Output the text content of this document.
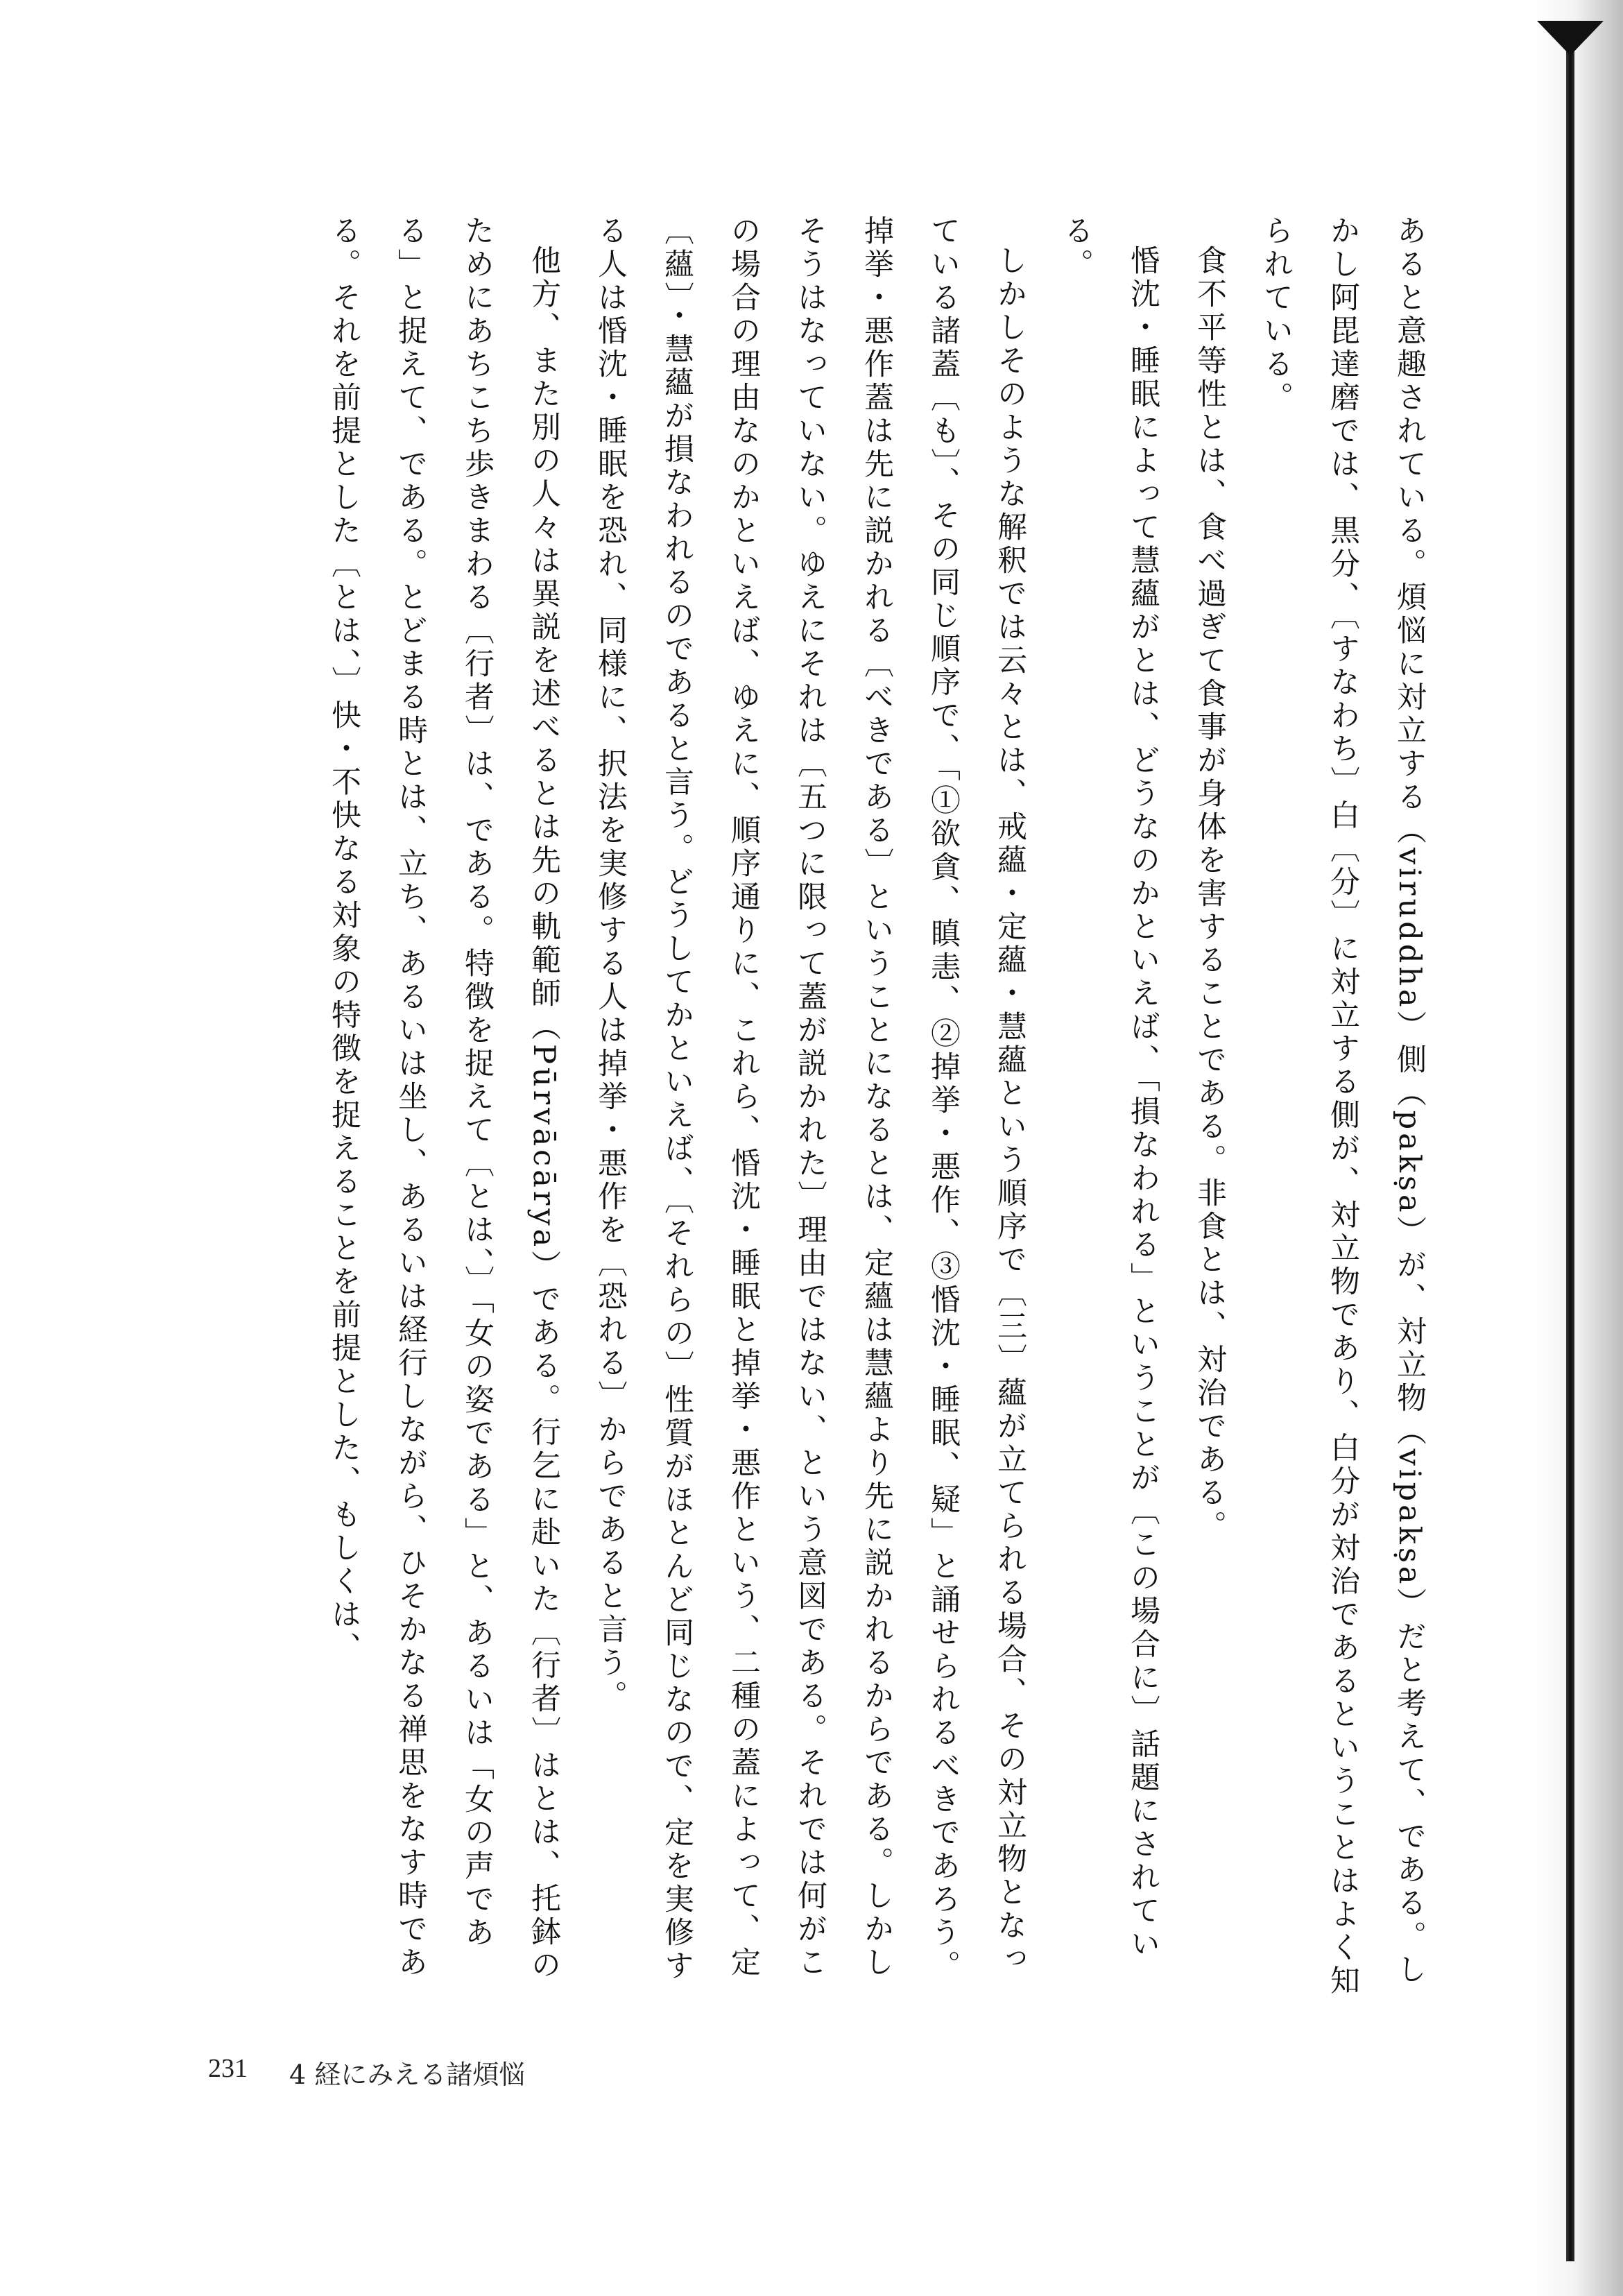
あると意趣されている。煩悩に対立する（viruddha）側（pakṣa）が、対立物（vipakṣa）だと考えて、である。しかし阿毘達磨では、黒分、〔すなわち〕白〔分〕に対立する側が、対立物であり、白分が対治であるということはよく知られている。

食不平等性とは、食べ過ぎて食事が身体を害することである。非食とは、対治である。

惛沈・睡眠によって慧蘊がとは、どうなのかといえば、「損なわれる」ということが〔この場合に〕話題にされている。

しかしそのような解釈では云々とは、戒蘊・定蘊・慧蘊という順序で〔三〕蘊が立てられる場合、その対立物となっている諸蓋〔も〕、その同じ順序で、「①欲貪、瞋恚、②掉挙・悪作、③惛沈・睡眠、疑」と誦せられるべきであろう。掉挙・悪作蓋は先に説かれる〔べきである〕ということになるとは、定蘊は慧蘊より先に説かれるからである。しかしそうはなっていない。ゆえにそれは〔五つに限って蓋が説かれた〕理由ではない、という意図である。それでは何がこの場合の理由なのかといえば、ゆえに、順序通りに、これら、惛沈・睡眠と掉挙・悪作という、二種の蓋によって、定〔蘊〕・慧蘊が損なわれるのであると言う。どうしてかといえば、〔それらの〕性質がほとんど同じなので、定を実修する人は惛沈・睡眠を恐れ、同様に、択法を実修する人は掉挙・悪作を〔恐れる〕からであると言う。

他方、また別の人々は異説を述べるとは先の軌範師（Pūrvācārya）である。行乞に赴いた〔行者〕はとは、托鉢のためにあちこち歩きまわる〔行者〕は、である。特徴を捉えて〔とは、〕「女の姿である」と、あるいは「女の声である」と捉えて、である。とどまる時とは、立ち、あるいは坐し、あるいは経行しながら、ひそかなる禅思をなす時である。それを前提とした〔とは、〕快・不快なる対象の特徴を捉えることを前提とした、もしくは、

231 4 経にみえる諸煩悩
